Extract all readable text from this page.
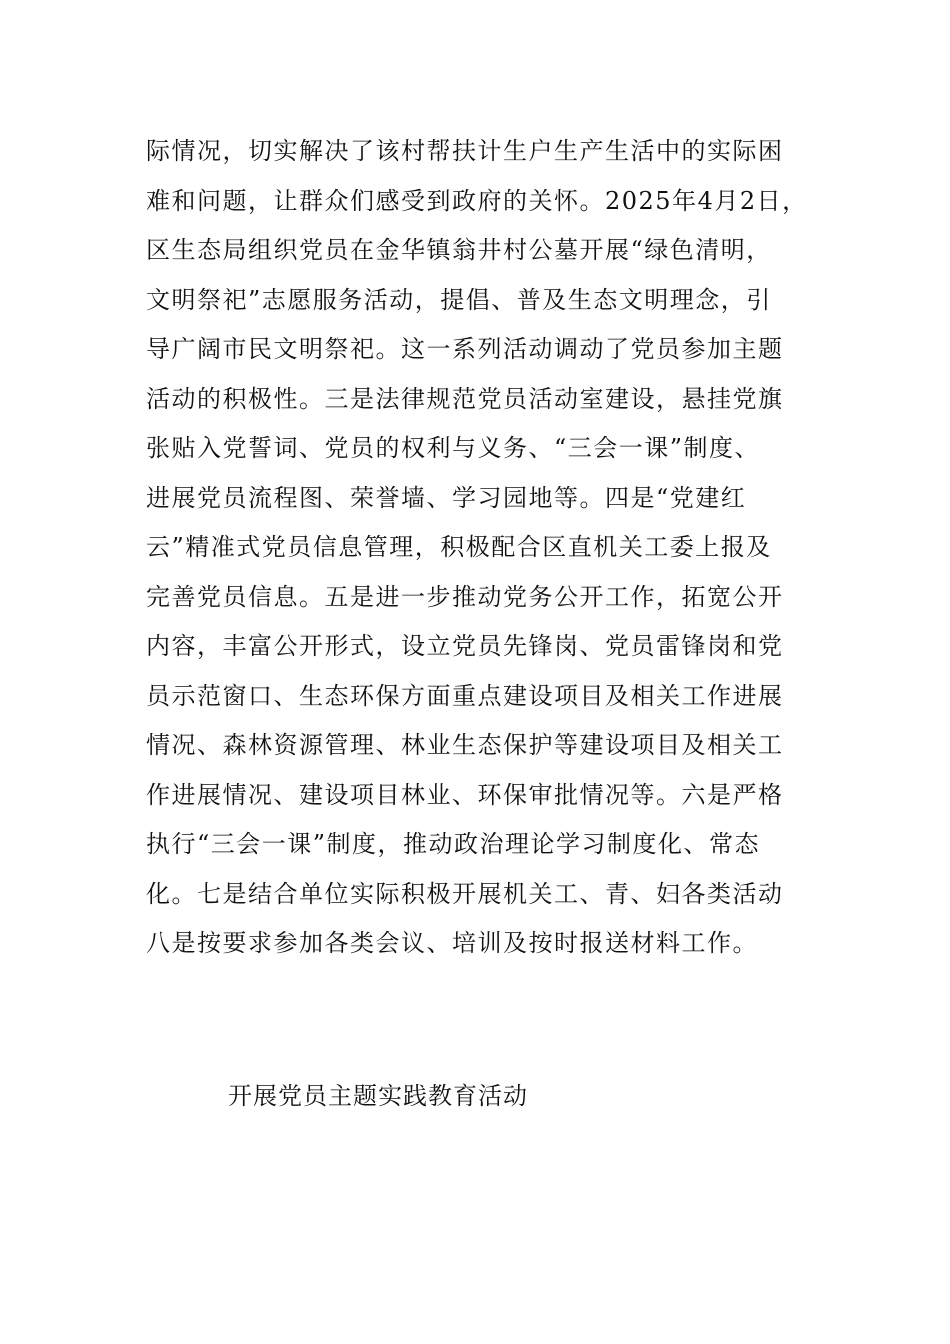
际情况，切实解决了该村帮扶计生户生产生活中的实际困
难和问题，让群众们感受到政府的关怀。2025年4月2日，
区生态局组织党员在金华镇翁井村公墓开展“绿色清明，
文明祭祀”志愿服务活动，提倡、普及生态文明理念，引
导广阔市民文明祭祀。这一系列活动调动了党员参加主题
活动的积极性。三是法律规范党员活动室建设，悬挂党旗
张贴入党誓词、党员的权利与义务、“三会一课”制度、
进展党员流程图、荣誉墙、学习园地等。四是“党建红
云”精准式党员信息管理，积极配合区直机关工委上报及
完善党员信息。五是进一步推动党务公开工作，拓宽公开
内容，丰富公开形式，设立党员先锋岗、党员雷锋岗和党
员示范窗口、生态环保方面重点建设项目及相关工作进展
情况、森林资源管理、林业生态保护等建设项目及相关工
作进展情况、建设项目林业、环保审批情况等。六是严格
执行“三会一课”制度，推动政治理论学习制度化、常态
化。七是结合单位实际积极开展机关工、青、妇各类活动
八是按要求参加各类会议、培训及按时报送材料工作。
开展党员主题实践教育活动
